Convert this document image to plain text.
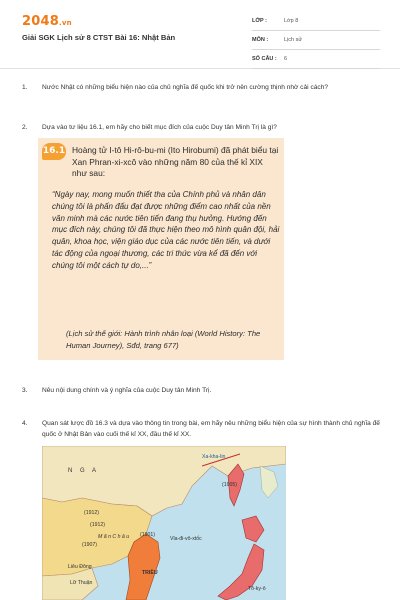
2048.vn
Giải SGK Lịch sử 8 CTST Bài 16: Nhật Bản
LỚP :	Lớp 8
MÔN :	Lịch sử
SỐ CÂU : 6
1. Nước Nhật có những biểu hiện nào của chủ nghĩa đế quốc khi trở nên cường thịnh nhờ cải cách?
2. Dựa vào tư liệu 16.1, em hãy cho biết mục đích của cuộc Duy tân Minh Trị là gì?
16.1 Hoàng tử I-tô Hi-rô-bu-mi (Ito Hirobumi) đã phát biểu tại Xan Phran-xi-xcô vào những năm 80 của thế kỉ XIX như sau:
“Ngày nay, mong muốn thiết tha của Chính phủ và nhân dân chúng tôi là phấn đấu đạt được những điểm cao nhất của nền văn minh mà các nước tiên tiến đang thụ hưởng. Hướng đến mục đích này, chúng tôi đã thực hiện theo mô hình quân đội, hải quân, khoa học, viện giáo dục của các nước tiên tiến, và dưới tác động của ngoại thương, các tri thức vừa kể đã đến với chúng tôi một cách tự do,...”
(Lịch sử thế giới: Hành trình nhân loại (World History: The Human Journey), Sđd, trang 677)
3. Nêu nội dung chính và ý nghĩa của cuộc Duy tân Minh Trị.
4. Quan sát lược đồ 16.3 và dựa vào thông tin trong bài, em hãy nêu những biểu hiện của sự hình thành chủ nghĩa đế quốc ở Nhật Bản vào cuối thế kỉ XX, đầu thế kỉ XX.
N G A
Xa-kha-lin
(1905)
(1912)
(1912)
(1907)
(1901)
M ã n C h â u	Vla-đi-vô-xtốc
Liêu Đông
Lữ Thuận
TRIỀU
Tô-ky-ô
